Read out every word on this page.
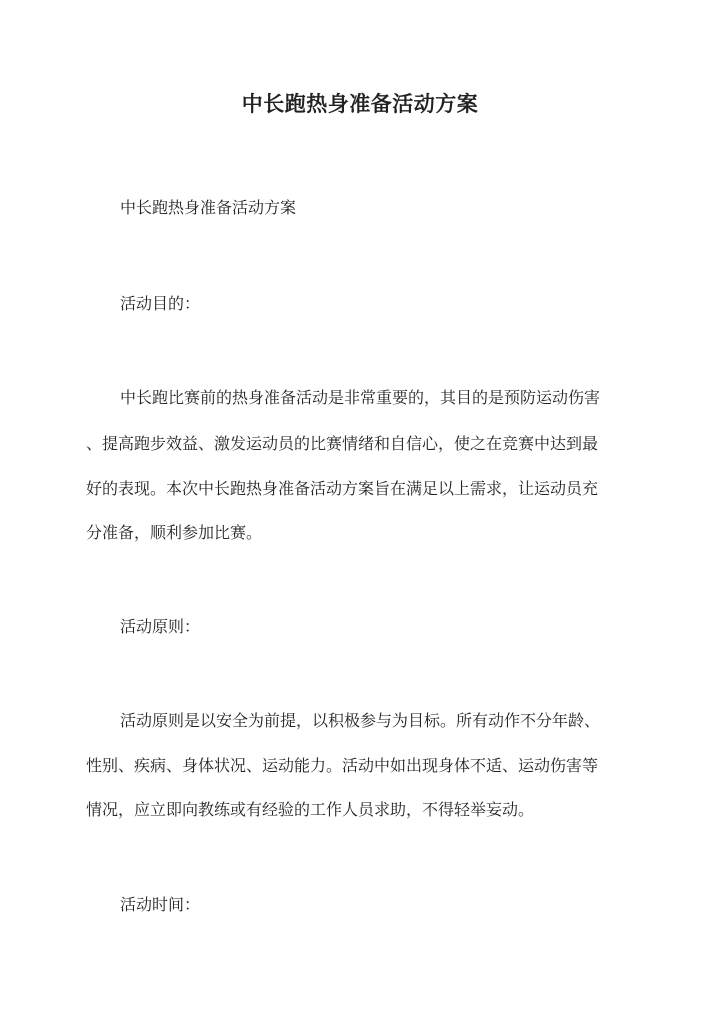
中长跑热身准备活动方案
中长跑热身准备活动方案
活动目的：
中长跑比赛前的热身准备活动是非常重要的，其目的是预防运动伤害
、提高跑步效益、激发运动员的比赛情绪和自信心，使之在竞赛中达到最
好的表现。本次中长跑热身准备活动方案旨在满足以上需求，让运动员充
分准备，顺利参加比赛。
活动原则：
活动原则是以安全为前提，以积极参与为目标。所有动作不分年龄、
性别、疾病、身体状况、运动能力。活动中如出现身体不适、运动伤害等
情况，应立即向教练或有经验的工作人员求助，不得轻举妄动。
活动时间：
